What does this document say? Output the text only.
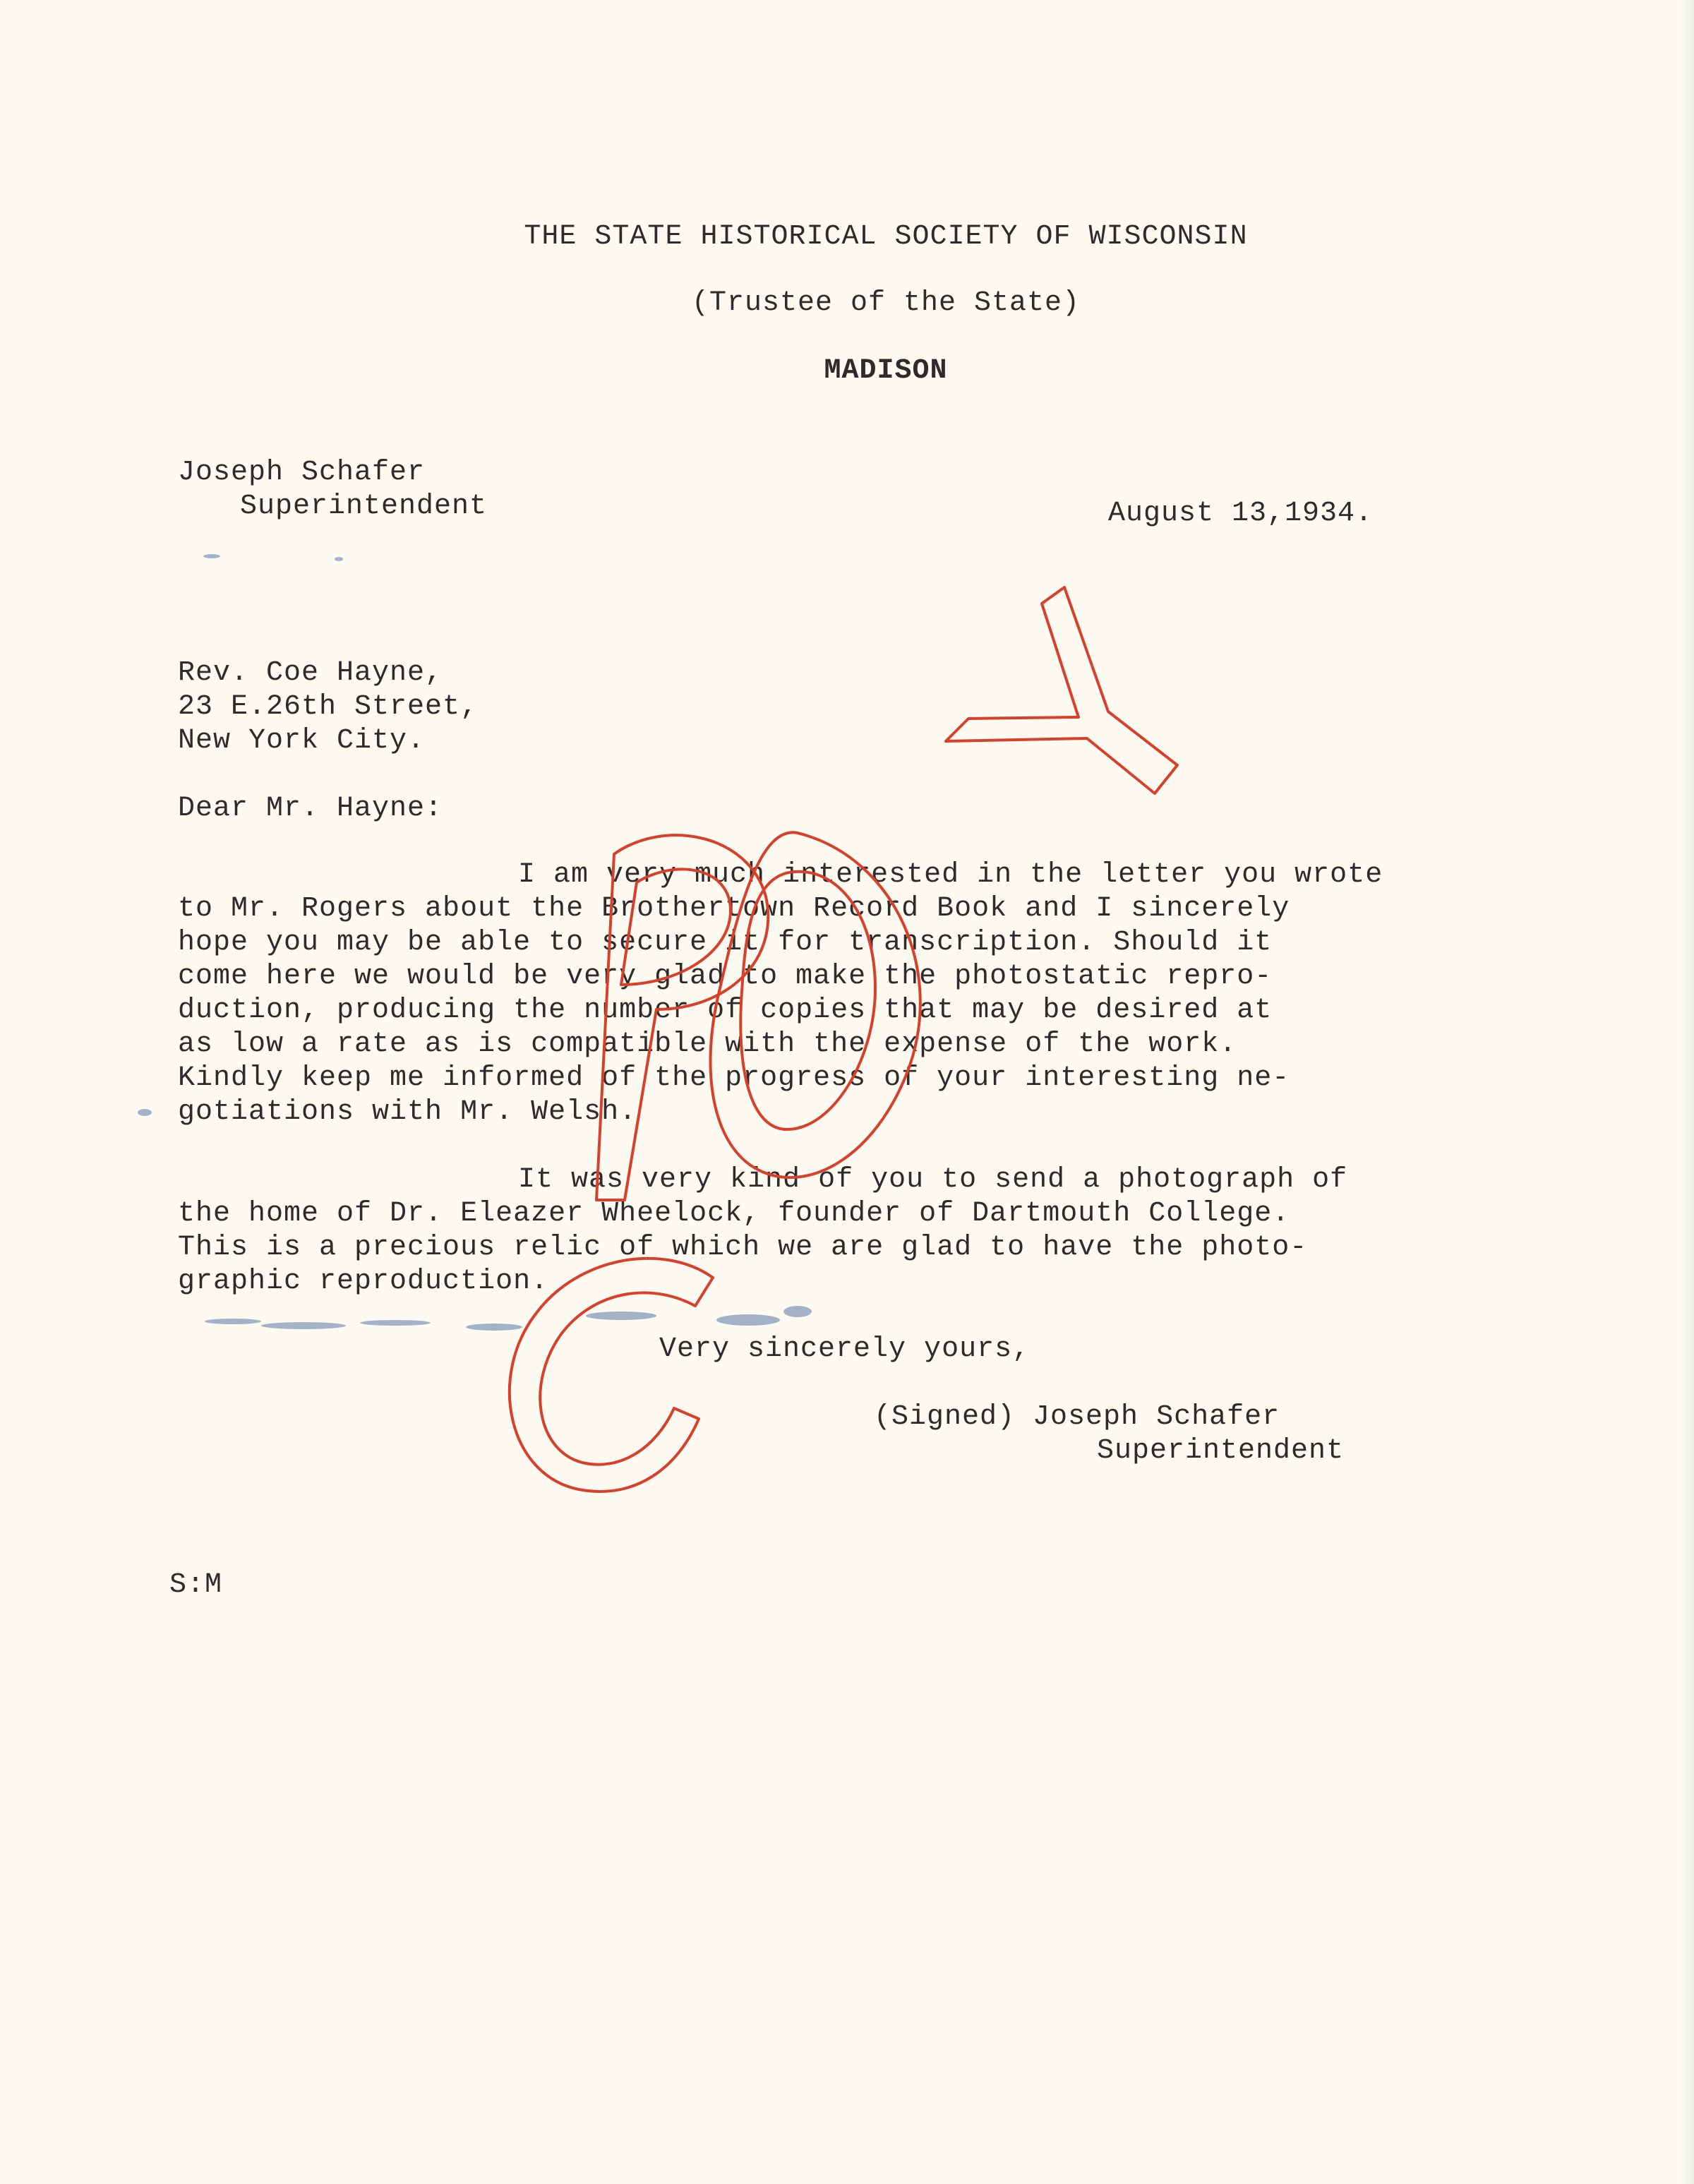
THE STATE HISTORICAL SOCIETY OF WISCONSIN
(Trustee of the State)
MADISON
Joseph Schafer
Superintendent	August 13,1934.
Rev. Coe Hayne,
23 E.26th Street,
New York City.
Dear Mr. Hayne:
I am very much interested in the letter you wrote
to Mr. Rogers about the Brothertown Record Book and I sincerely
hope you may be able to secure it for transcription. Should it
come here we would be very glad to make the photostatic repro-
duction, producing the number of copies that may be desired at
as low a rate as is compatible with the expense of the work.
Kindly keep me informed of the progress of your interesting ne-
gotiations with Mr. Welsh.
It was very kind of you to send a photograph of
the home of Dr. Eleazer Wheelock, founder of Dartmouth College.
This is a precious relic of which we are glad to have the photo-
graphic reproduction.
Very sincerely yours,
(Signed) Joseph Schafer
Superintendent
S:M
